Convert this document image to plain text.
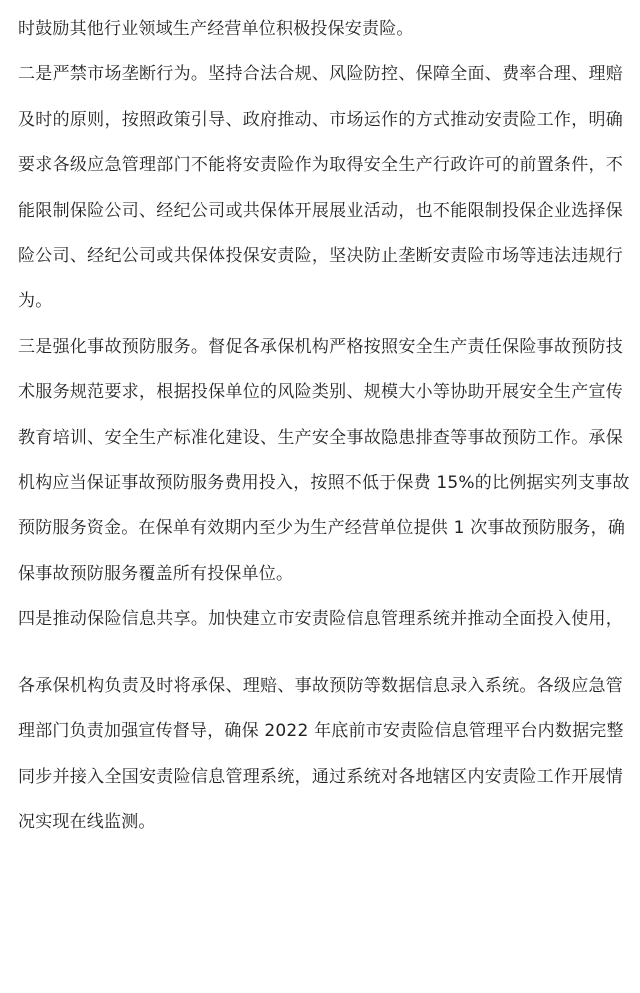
时鼓励其他行业领域生产经营单位积极投保安责险。
二是严禁市场垄断行为。坚持合法合规、风险防控、保障全面、费率合理、理赔
及时的原则，按照政策引导、政府推动、市场运作的方式推动安责险工作，明确
要求各级应急管理部门不能将安责险作为取得安全生产行政许可的前置条件，不
能限制保险公司、经纪公司或共保体开展展业活动，也不能限制投保企业选择保
险公司、经纪公司或共保体投保安责险，坚决防止垄断安责险市场等违法违规行
为。
三是强化事故预防服务。督促各承保机构严格按照安全生产责任保险事故预防技
术服务规范要求，根据投保单位的风险类别、规模大小等协助开展安全生产宣传
教育培训、安全生产标准化建设、生产安全事故隐患排查等事故预防工作。承保
机构应当保证事故预防服务费用投入，按照不低于保费 15%的比例据实列支事故
预防服务资金。在保单有效期内至少为生产经营单位提供 1 次事故预防服务，确
保事故预防服务覆盖所有投保单位。
四是推动保险信息共享。加快建立市安责险信息管理系统并推动全面投入使用，
各承保机构负责及时将承保、理赔、事故预防等数据信息录入系统。各级应急管
理部门负责加强宣传督导，确保 2022 年底前市安责险信息管理平台内数据完整
同步并接入全国安责险信息管理系统，通过系统对各地辖区内安责险工作开展情
况实现在线监测。
